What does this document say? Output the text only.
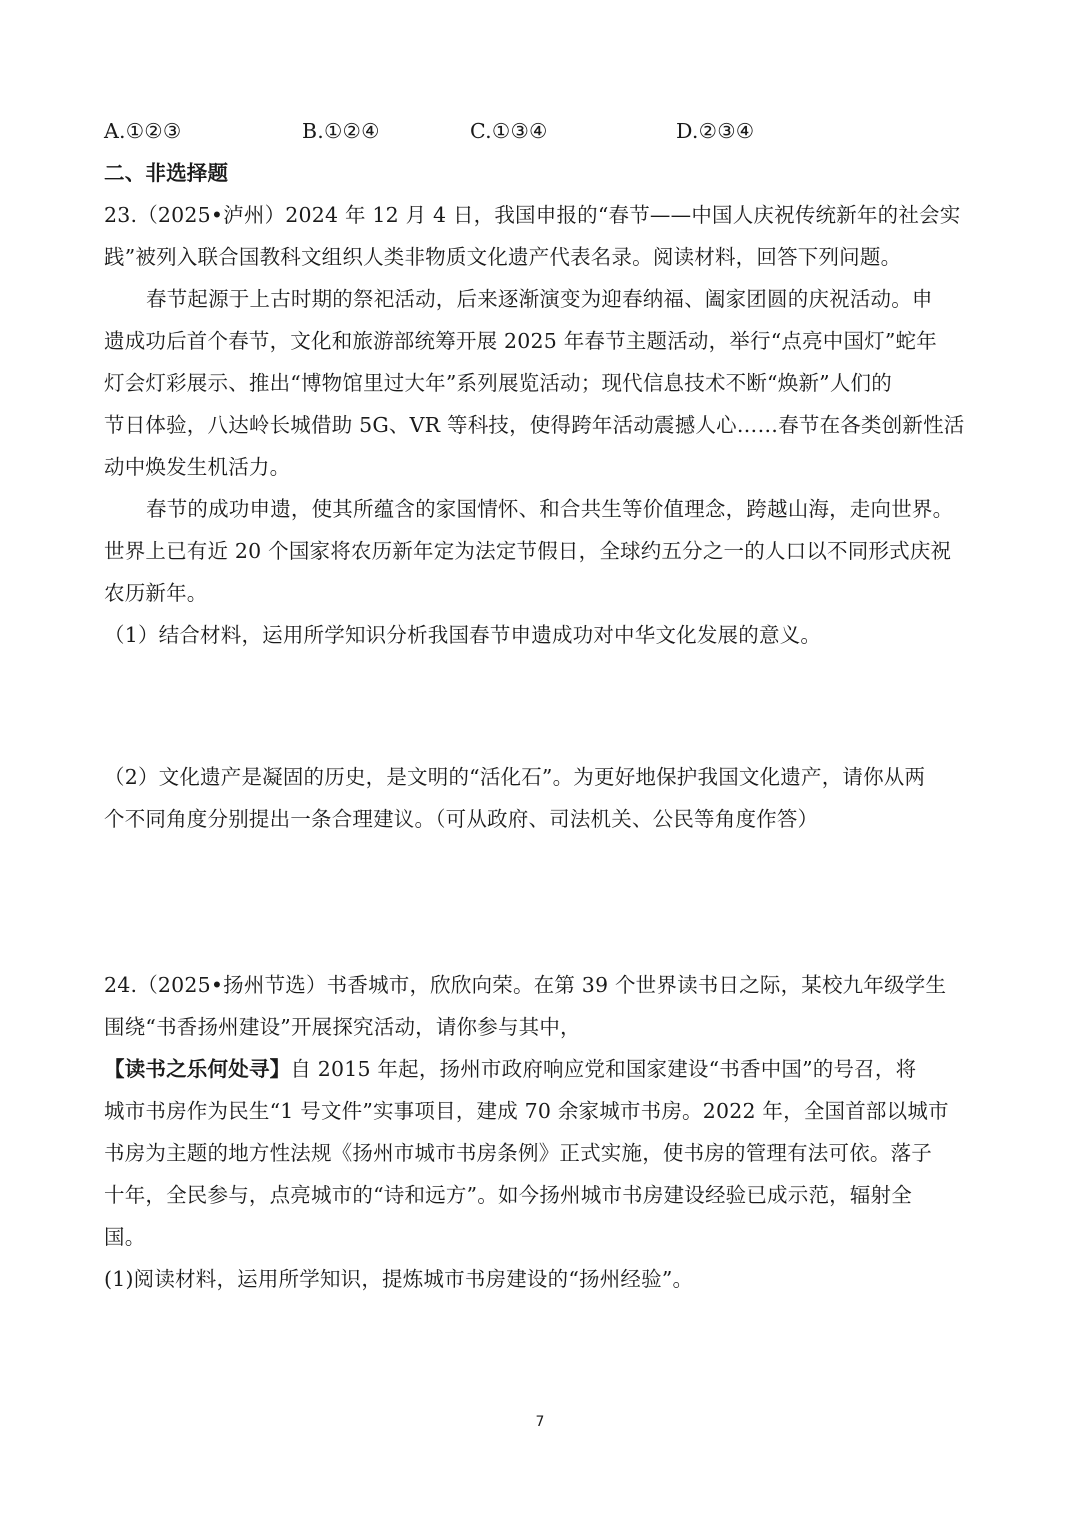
A.①②③	B.①②④	C.①③④	D.②③④

二、非选择题

23.（2025•泸州）2024 年 12 月 4 日，我国申报的“春节——中国人庆祝传统新年的社会实

践”被列入联合国教科文组织人类非物质文化遗产代表名录。阅读材料，回答下列问题。

春节起源于上古时期的祭祀活动，后来逐渐演变为迎春纳福、阖家团圆的庆祝活动。申

遗成功后首个春节，文化和旅游部统筹开展 2025 年春节主题活动，举行“点亮中国灯”蛇年

灯会灯彩展示、推出“博物馆里过大年”系列展览活动；现代信息技术不断“焕新”人们的

节日体验，八达岭长城借助 5G、VR 等科技，使得跨年活动震撼人心……春节在各类创新性活

动中焕发生机活力。

春节的成功申遗，使其所蕴含的家国情怀、和合共生等价值理念，跨越山海，走向世界。

世界上已有近 20 个国家将农历新年定为法定节假日，全球约五分之一的人口以不同形式庆祝

农历新年。

（1）结合材料，运用所学知识分析我国春节申遗成功对中华文化发展的意义。

（2）文化遗产是凝固的历史，是文明的“活化石”。为更好地保护我国文化遗产，请你从两

个不同角度分别提出一条合理建议。（可从政府、司法机关、公民等角度作答）

24.（2025•扬州节选）书香城市，欣欣向荣。在第 39 个世界读书日之际，某校九年级学生

围绕“书香扬州建设”开展探究活动，请你参与其中，

【读书之乐何处寻】自 2015 年起，扬州市政府响应党和国家建设“书香中国”的号召，将

城市书房作为民生“1 号文件”实事项目，建成 70 余家城市书房。2022 年，全国首部以城市

书房为主题的地方性法规《扬州市城市书房条例》正式实施，使书房的管理有法可依。落子

十年，全民参与，点亮城市的“诗和远方”。如今扬州城市书房建设经验已成示范，辐射全

国。

(1)阅读材料，运用所学知识，提炼城市书房建设的“扬州经验”。

7
